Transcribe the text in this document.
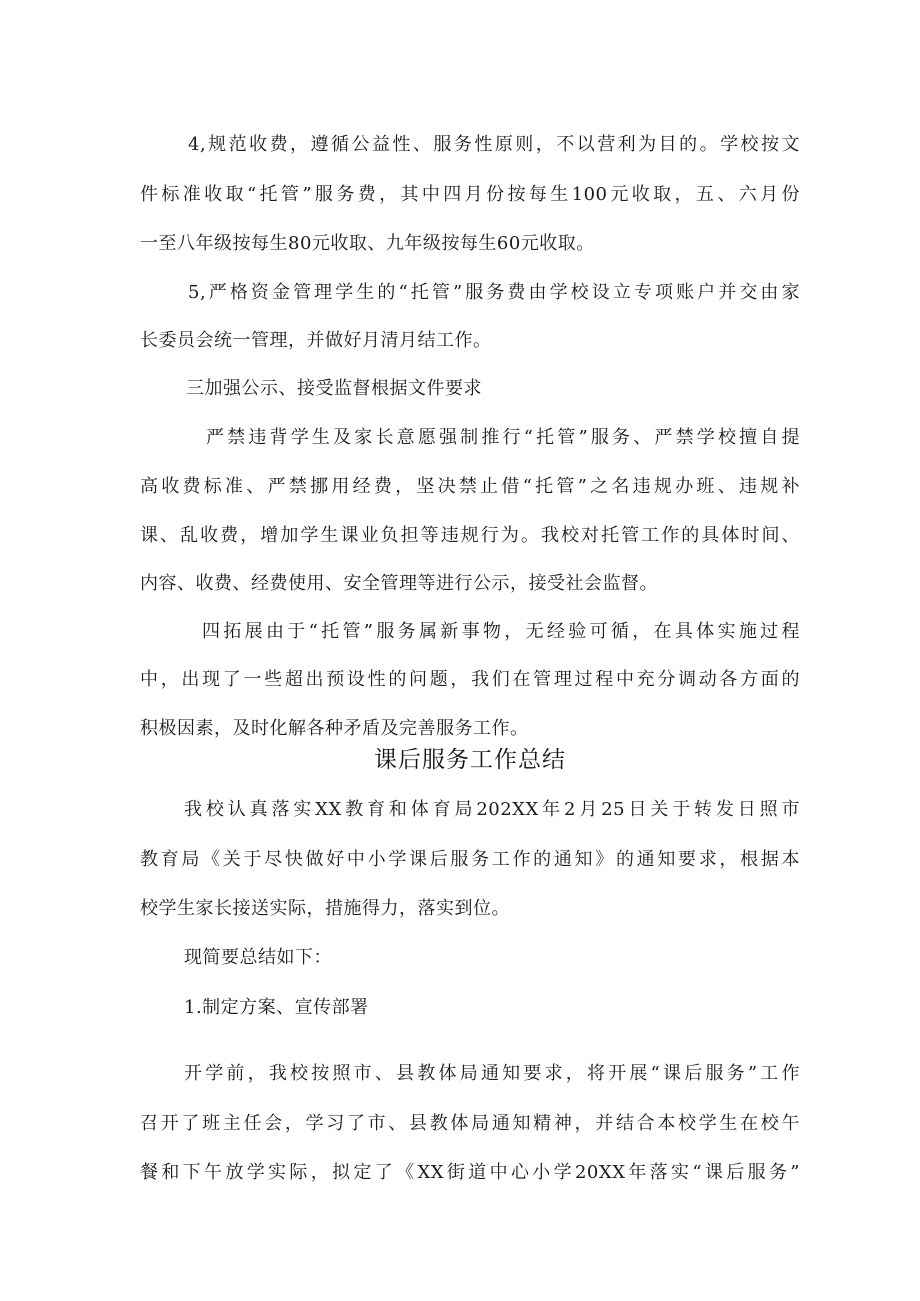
4,规范收费，遵循公益性、服务性原则，不以营利为目的。学校按文
件标准收取“托管”服务费，其中四月份按每生100元收取，五、六月份
一至八年级按每生80元收取、九年级按每生60元收取。
5,严格资金管理学生的“托管”服务费由学校设立专项账户并交由家
长委员会统一管理，并做好月清月结工作。
三加强公示、接受监督根据文件要求
严禁违背学生及家长意愿强制推行“托管”服务、严禁学校擅自提
高收费标准、严禁挪用经费，坚决禁止借“托管”之名违规办班、违规补
课、乱收费，增加学生课业负担等违规行为。我校对托管工作的具体时间、
内容、收费、经费使用、安全管理等进行公示，接受社会监督。
四拓展由于“托管”服务属新事物，无经验可循，在具体实施过程
中，出现了一些超出预设性的问题，我们在管理过程中充分调动各方面的
积极因素，及时化解各种矛盾及完善服务工作。
课后服务工作总结
我校认真落实XX教育和体育局202XX年2月25日关于转发日照市
教育局《关于尽快做好中小学课后服务工作的通知》的通知要求，根据本
校学生家长接送实际，措施得力，落实到位。
现简要总结如下：
1.制定方案、宣传部署
开学前，我校按照市、县教体局通知要求，将开展“课后服务”工作
召开了班主任会，学习了市、县教体局通知精神，并结合本校学生在校午
餐和下午放学实际，拟定了《XX街道中心小学20XX年落实“课后服务”
